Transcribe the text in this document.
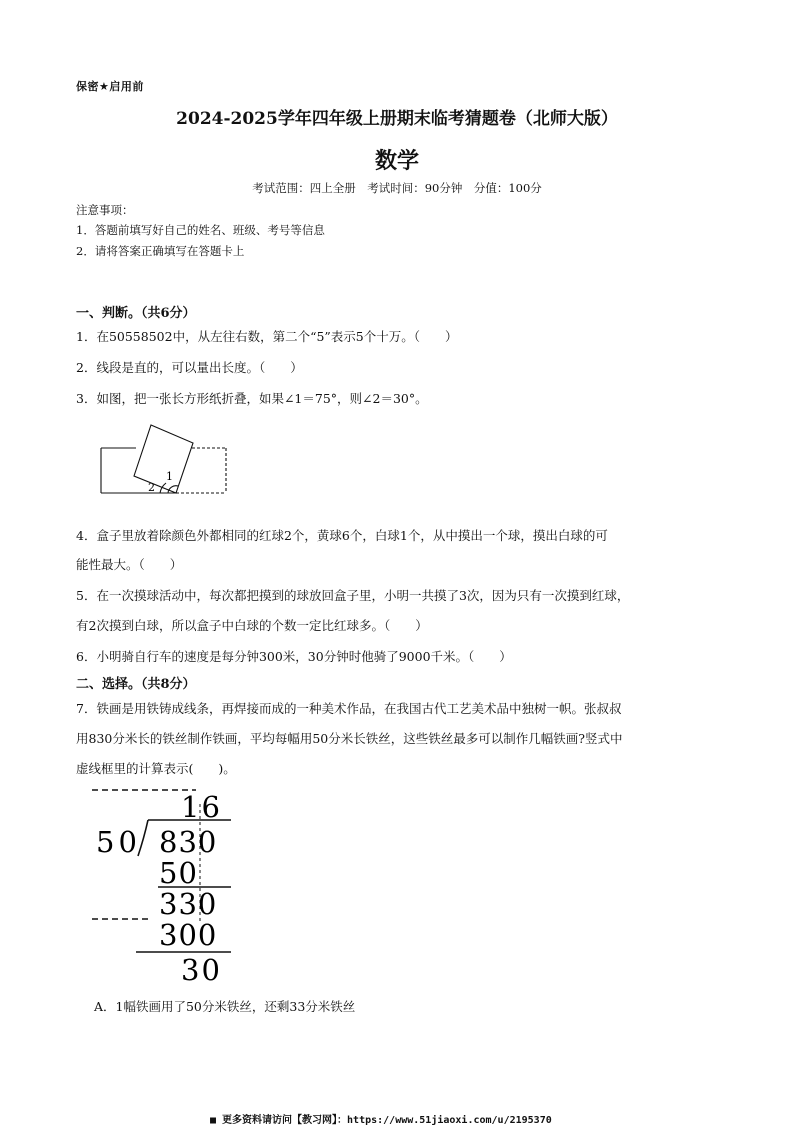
保密★启用前
2024-2025学年四年级上册期末临考猜题卷（北师大版）
数学
考试范围：四上全册　考试时间：90分钟　分值：100分
注意事项：
1．答题前填写好自己的姓名、班级、考号等信息
2．请将答案正确填写在答题卡上
一、判断。（共6分）
1．在50558502中，从左往右数，第二个“5”表示5个十万。（　　）
2．线段是直的，可以量出长度。（　　）
3．如图，把一张长方形纸折叠，如果∠1＝75°，则∠2＝30°。
1
2
4．盒子里放着除颜色外都相同的红球2个，黄球6个，白球1个，从中摸出一个球，摸出白球的可
能性最大。（　　）
5．在一次摸球活动中，每次都把摸到的球放回盒子里，小明一共摸了3次，因为只有一次摸到红球，
有2次摸到白球，所以盒子中白球的个数一定比红球多。（　　）
6．小明骑自行车的速度是每分钟300米，30分钟时他骑了9000千米。（　　）
二、选择。（共8分）
7．铁画是用铁铸成线条，再焊接而成的一种美术作品，在我国古代工艺美术品中独树一帜。张叔叔
用830分米长的铁丝制作铁画，平均每幅用50分米长铁丝，这些铁丝最多可以制作几幅铁画?竖式中
虚线框里的计算表示(　　)。
16
50 830
50
330
300
30
A．1幅铁画用了50分米铁丝，还剩33分米铁丝
■ 更多资料请访问【教习网】：https://www.51jiaoxi.com/u/2195370
